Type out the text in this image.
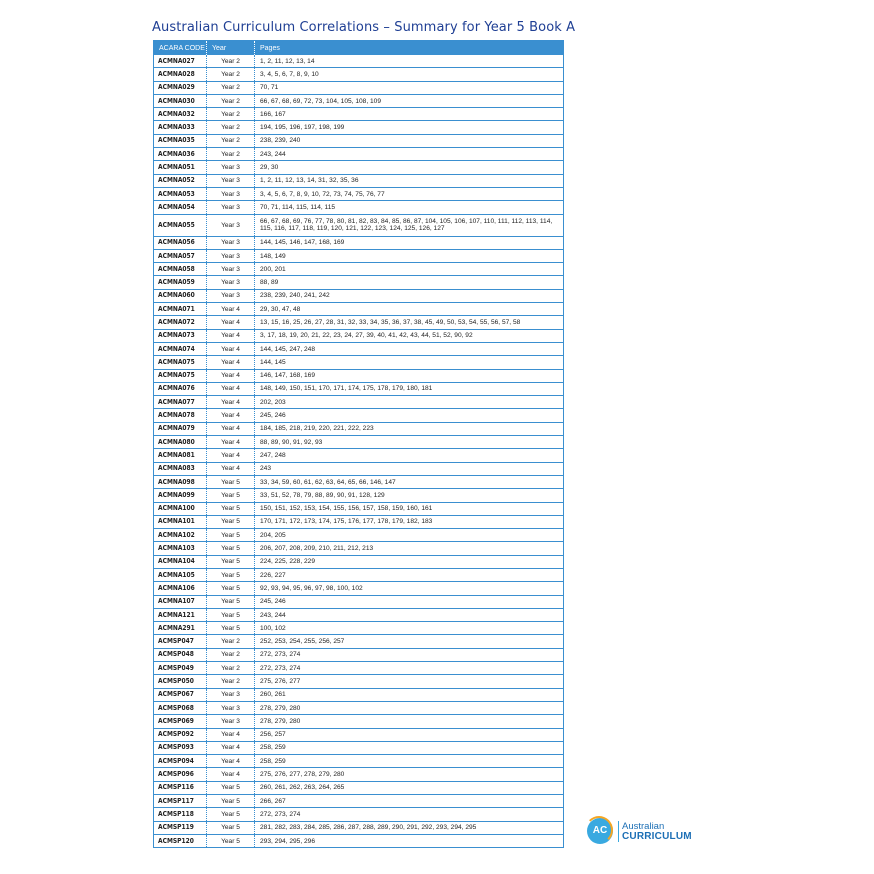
Australian Curriculum Correlations – Summary for Year 5 Book A
ACARA CODE	Year	Pages
ACMNA027	Year 2	1, 2, 11, 12, 13, 14
ACMNA028	Year 2	3, 4, 5, 6, 7, 8, 9, 10
ACMNA029	Year 2	70, 71
ACMNA030	Year 2	66, 67, 68, 69, 72, 73, 104, 105, 108, 109
ACMNA032	Year 2	166, 167
ACMNA033	Year 2	194, 195, 196, 197, 198, 199
ACMNA035	Year 2	238, 239, 240
ACMNA036	Year 2	243, 244
ACMNA051	Year 3	29, 30
ACMNA052	Year 3	1, 2, 11, 12, 13, 14, 31, 32, 35, 36
ACMNA053	Year 3	3, 4, 5, 6, 7, 8, 9, 10, 72, 73, 74, 75, 76, 77
ACMNA054	Year 3	70, 71, 114, 115, 114, 115
ACMNA055	Year 3	66, 67, 68, 69, 76, 77, 78, 80, 81, 82, 83, 84, 85, 86, 87, 104, 105, 106, 107, 110, 111, 112, 113, 114, 115, 116, 117, 118, 119, 120, 121, 122, 123, 124, 125, 126, 127
ACMNA056	Year 3	144, 145, 146, 147, 168, 169
ACMNA057	Year 3	148, 149
ACMNA058	Year 3	200, 201
ACMNA059	Year 3	88, 89
ACMNA060	Year 3	238, 239, 240, 241, 242
ACMNA071	Year 4	29, 30, 47, 48
ACMNA072	Year 4	13, 15, 16, 25, 26, 27, 28, 31, 32, 33, 34, 35, 36, 37, 38, 45, 49, 50, 53, 54, 55, 56, 57, 58
ACMNA073	Year 4	3, 17, 18, 19, 20, 21, 22, 23, 24, 27, 39, 40, 41, 42, 43, 44, 51, 52, 90, 92
ACMNA074	Year 4	144, 145, 247, 248
ACMNA075	Year 4	144, 145
ACMNA075	Year 4	146, 147, 168, 169
ACMNA076	Year 4	148, 149, 150, 151, 170, 171, 174, 175, 178, 179, 180, 181
ACMNA077	Year 4	202, 203
ACMNA078	Year 4	245, 246
ACMNA079	Year 4	184, 185, 218, 219, 220, 221, 222, 223
ACMNA080	Year 4	88, 89, 90, 91, 92, 93
ACMNA081	Year 4	247, 248
ACMNA083	Year 4	243
ACMNA098	Year 5	33, 34, 59, 60, 61, 62, 63, 64, 65, 66, 146, 147
ACMNA099	Year 5	33, 51, 52, 78, 79, 88, 89, 90, 91, 128, 129
ACMNA100	Year 5	150, 151, 152, 153, 154, 155, 156, 157, 158, 159, 160, 161
ACMNA101	Year 5	170, 171, 172, 173, 174, 175, 176, 177, 178, 179, 182, 183
ACMNA102	Year 5	204, 205
ACMNA103	Year 5	206, 207, 208, 209, 210, 211, 212, 213
ACMNA104	Year 5	224, 225, 228, 229
ACMNA105	Year 5	226, 227
ACMNA106	Year 5	92, 93, 94, 95, 96, 97, 98, 100, 102
ACMNA107	Year 5	245, 246
ACMNA121	Year 5	243, 244
ACMNA291	Year 5	100, 102
ACMSP047	Year 2	252, 253, 254, 255, 256, 257
ACMSP048	Year 2	272, 273, 274
ACMSP049	Year 2	272, 273, 274
ACMSP050	Year 2	275, 276, 277
ACMSP067	Year 3	260, 261
ACMSP068	Year 3	278, 279, 280
ACMSP069	Year 3	278, 279, 280
ACMSP092	Year 4	256, 257
ACMSP093	Year 4	258, 259
ACMSP094	Year 4	258, 259
ACMSP096	Year 4	275, 276, 277, 278, 279, 280
ACMSP116	Year 5	260, 261, 262, 263, 264, 265
ACMSP117	Year 5	266, 267
ACMSP118	Year 5	272, 273, 274
ACMSP119	Year 5	281, 282, 283, 284, 285, 286, 287, 288, 289, 290, 291, 292, 293, 294, 295
ACMSP120	Year 5	293, 294, 295, 296
AC	Australian
CURRICULUM
